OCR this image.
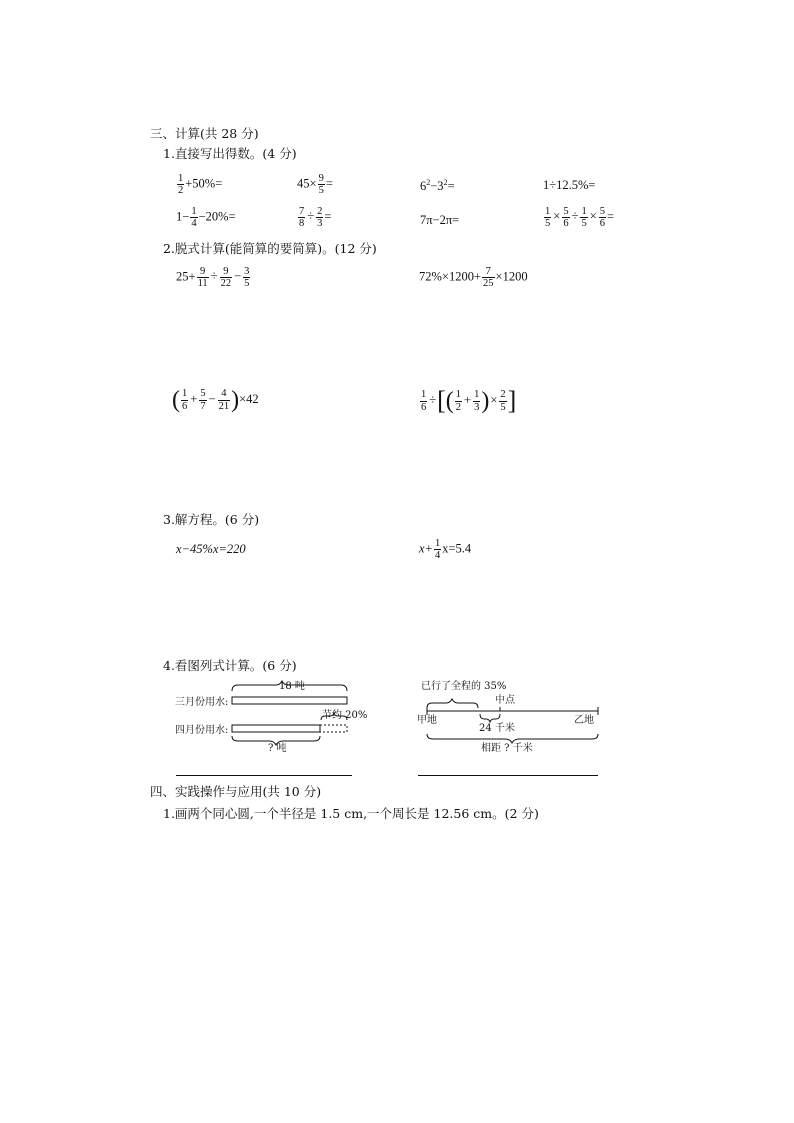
三、计算(共 28 分)
1.直接写出得数。(4 分)
$\frac{1}{2} +50\%=$	$45\times \frac{9}{5}$ =	$6^2-3^2=$	1÷12.5%=
$1- \frac{1}{4} -20\%=$	$\frac{7}{8} \div \frac{2}{3}$ =	7π−2π=	$\frac{1}{5} \times \frac{5}{6} \div \frac{1}{5} \times \frac{5}{6}$ =
2.脱式计算(能简算的要简算)。(12 分)
$25+ \frac{9}{11} \div \frac{9}{22} - \frac{3}{5}$	$72\%\times 1200+ \frac{7}{25} \times 1200$
( $\frac{1}{6} + \frac{5}{7} - \frac{4}{21} )\times 42$	$\frac{1}{6}$ ÷[( $\frac{1}{2} + \frac{1}{3}$ )× $\frac{2}{5}$ ]
3.解方程。(6 分)
x−45%x=220	$x+ \frac{1}{4} x=5.4$
4.看图列式计算。(6 分)
18 吨
三月份用水:
四月份用水:
节约 20%
? 吨
已行了全程的 35%
中点
甲地	乙地
24 千米
相距 ? 千米
四、实践操作与应用(共 10 分)
1.画两个同心圆,一个半径是 1.5 cm,一个周长是 12.56 cm。(2 分)
